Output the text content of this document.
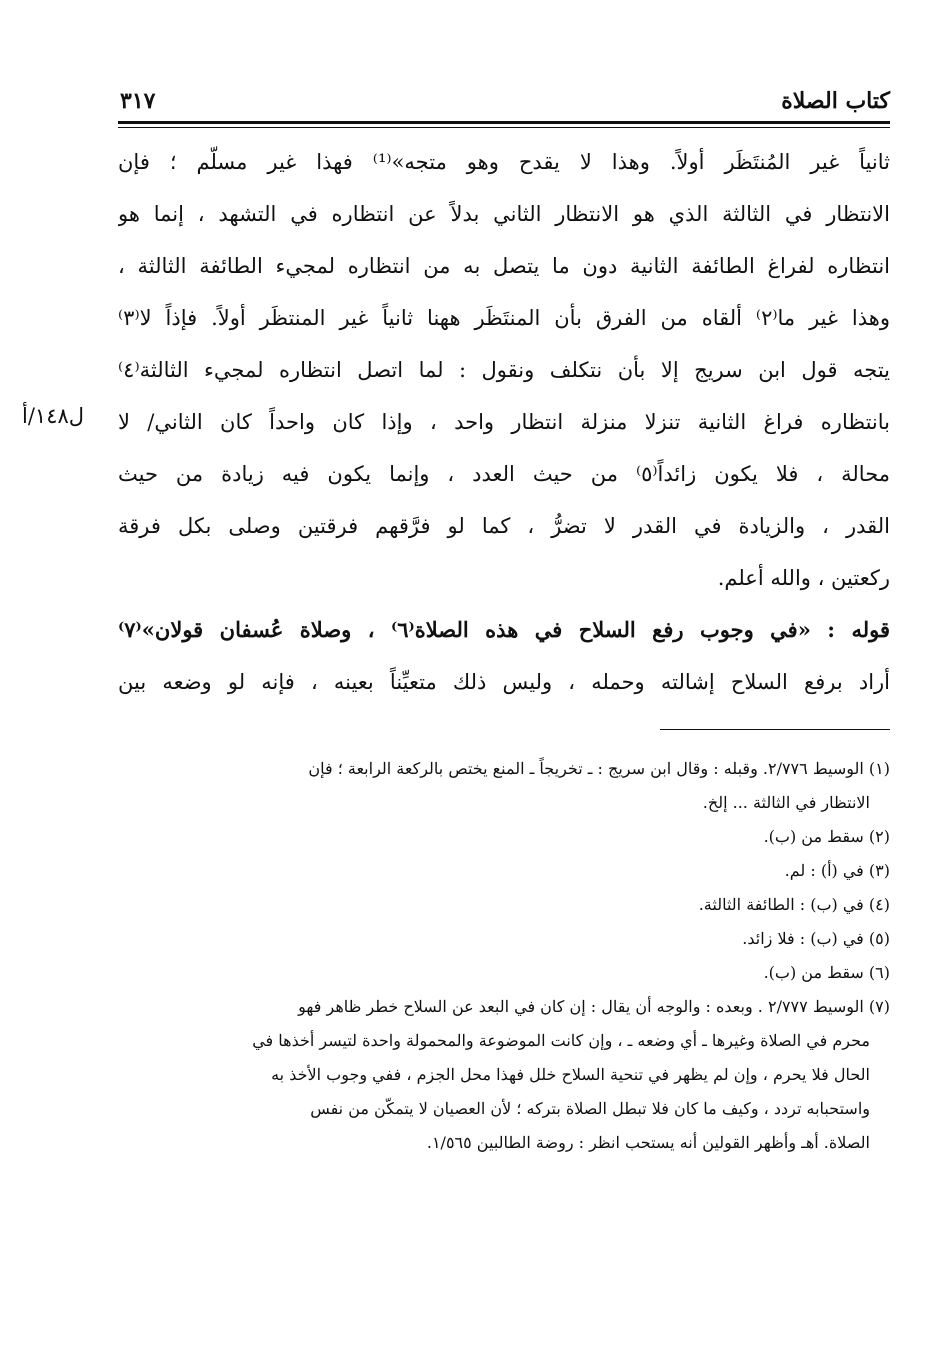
كتاب الصلاة
٣١٧
ثانياً غير المُنتَظَر أولاً. وهذا لا يقدح وهو متجه»⁽¹⁾ فهذا غير مسلّم ؛ فإن
الانتظار في الثالثة الذي هو الانتظار الثاني بدلاً عن انتظاره في التشهد ، إنما هو
انتظاره لفراغ الطائفة الثانية دون ما يتصل به من انتظاره لمجيء الطائفة الثالثة ،
وهذا غير ما⁽٢⁾ ألقاه من الفرق بأن المنتَظَر ههنا ثانياً غير المنتظَر أولاً. فإذاً لا⁽٣⁾
يتجه قول ابن سريج إلا بأن نتكلف ونقول : لما اتصل انتظاره لمجيء الثالثة⁽٤⁾
بانتظاره فراغ الثانية تنزلا منزلة انتظار واحد ، وإذا كان واحداً كان الثاني/ لا
محالة ، فلا يكون زائداً⁽٥⁾ من حيث العدد ، وإنما يكون فيه زيادة من حيث
القدر ، والزيادة في القدر لا تضرُّ ، كما لو فرَّقهم فرقتين وصلى بكل فرقة
ركعتين ، والله أعلم.
قوله : «في وجوب رفع السلاح في هذه الصلاة⁽٦⁾ ، وصلاة عُسفان قولان»⁽٧⁾
أراد برفع السلاح إشالته وحمله ، وليس ذلك متعيِّناً بعينه ، فإنه لو وضعه بين
ل١٤٨/أ
(١) الوسيط ٢/٧٧٦. وقبله : وقال ابن سريج : ـ تخريجاً ـ المنع يختص بالركعة الرابعة ؛ فإن
الانتظار في الثالثة ... إلخ.
(٢) سقط من (ب).
(٣) في (أ) : لم.
(٤) في (ب) : الطائفة الثالثة.
(٥) في (ب) : فلا زائد.
(٦) سقط من (ب).
(٧) الوسيط ٢/٧٧٧ . وبعده : والوجه أن يقال : إن كان في البعد عن السلاح خطر ظاهر فهو
محرم في الصلاة وغيرها ـ أي وضعه ـ ، وإن كانت الموضوعة والمحمولة واحدة لتيسر أخذها في
الحال فلا يحرم ، وإن لم يظهر في تنحية السلاح خلل فهذا محل الجزم ، ففي وجوب الأخذ به
واستحبابه تردد ، وكيف ما كان فلا تبطل الصلاة بتركه ؛ لأن العصيان لا يتمكّن من نفس
الصلاة. أهـ وأظهر القولين أنه يستحب انظر : روضة الطالبين ١/٥٦٥.
